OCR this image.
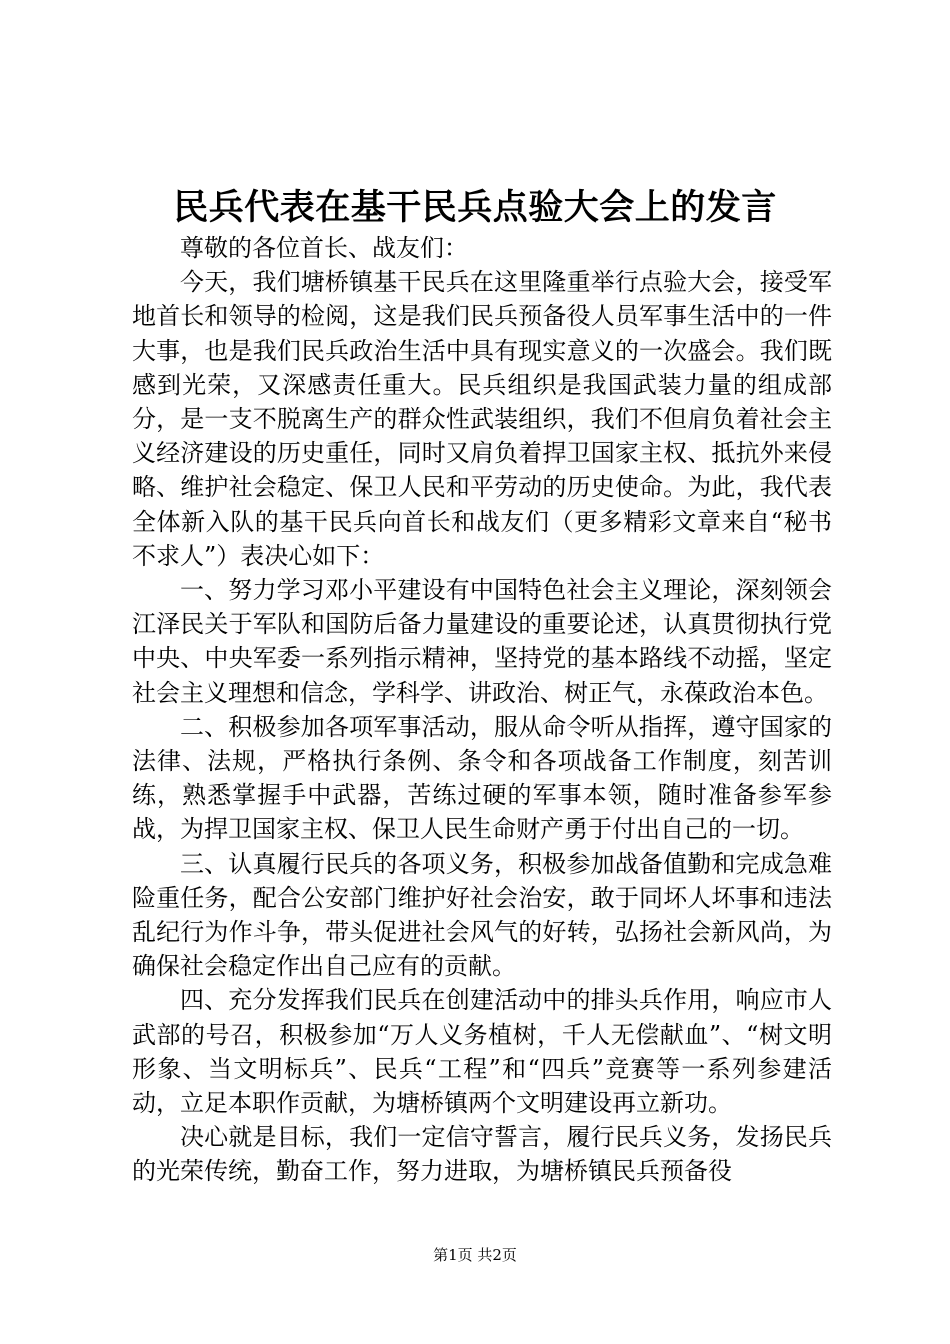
民兵代表在基干民兵点验大会上的发言

尊敬的各位首长、战友们：

今天，我们塘桥镇基干民兵在这里隆重举行点验大会，接受军地首长和领导的检阅，这是我们民兵预备役人员军事生活中的一件大事，也是我们民兵政治生活中具有现实意义的一次盛会。我们既感到光荣，又深感责任重大。民兵组织是我国武装力量的组成部分，是一支不脱离生产的群众性武装组织，我们不但肩负着社会主义经济建设的历史重任，同时又肩负着捍卫国家主权、抵抗外来侵略、维护社会稳定、保卫人民和平劳动的历史使命。为此，我代表全体新入队的基干民兵向首长和战友们（更多精彩文章来自“秘书不求人”）表决心如下：

一、努力学习邓小平建设有中国特色社会主义理论，深刻领会江泽民关于军队和国防后备力量建设的重要论述，认真贯彻执行党中央、中央军委一系列指示精神，坚持党的基本路线不动摇，坚定社会主义理想和信念，学科学、讲政治、树正气，永葆政治本色。

二、积极参加各项军事活动，服从命令听从指挥，遵守国家的法律、法规，严格执行条例、条令和各项战备工作制度，刻苦训练，熟悉掌握手中武器，苦练过硬的军事本领，随时准备参军参战，为捍卫国家主权、保卫人民生命财产勇于付出自己的一切。

三、认真履行民兵的各项义务，积极参加战备值勤和完成急难险重任务，配合公安部门维护好社会治安，敢于同坏人坏事和违法乱纪行为作斗争，带头促进社会风气的好转，弘扬社会新风尚，为确保社会稳定作出自己应有的贡献。

四、充分发挥我们民兵在创建活动中的排头兵作用，响应市人武部的号召，积极参加“万人义务植树，千人无偿献血”、“树文明形象、当文明标兵”、民兵“工程”和“四兵”竞赛等一系列参建活动，立足本职作贡献，为塘桥镇两个文明建设再立新功。

决心就是目标，我们一定信守誓言，履行民兵义务，发扬民兵的光荣传统，勤奋工作，努力进取，为塘桥镇民兵预备役

第1页 共2页
